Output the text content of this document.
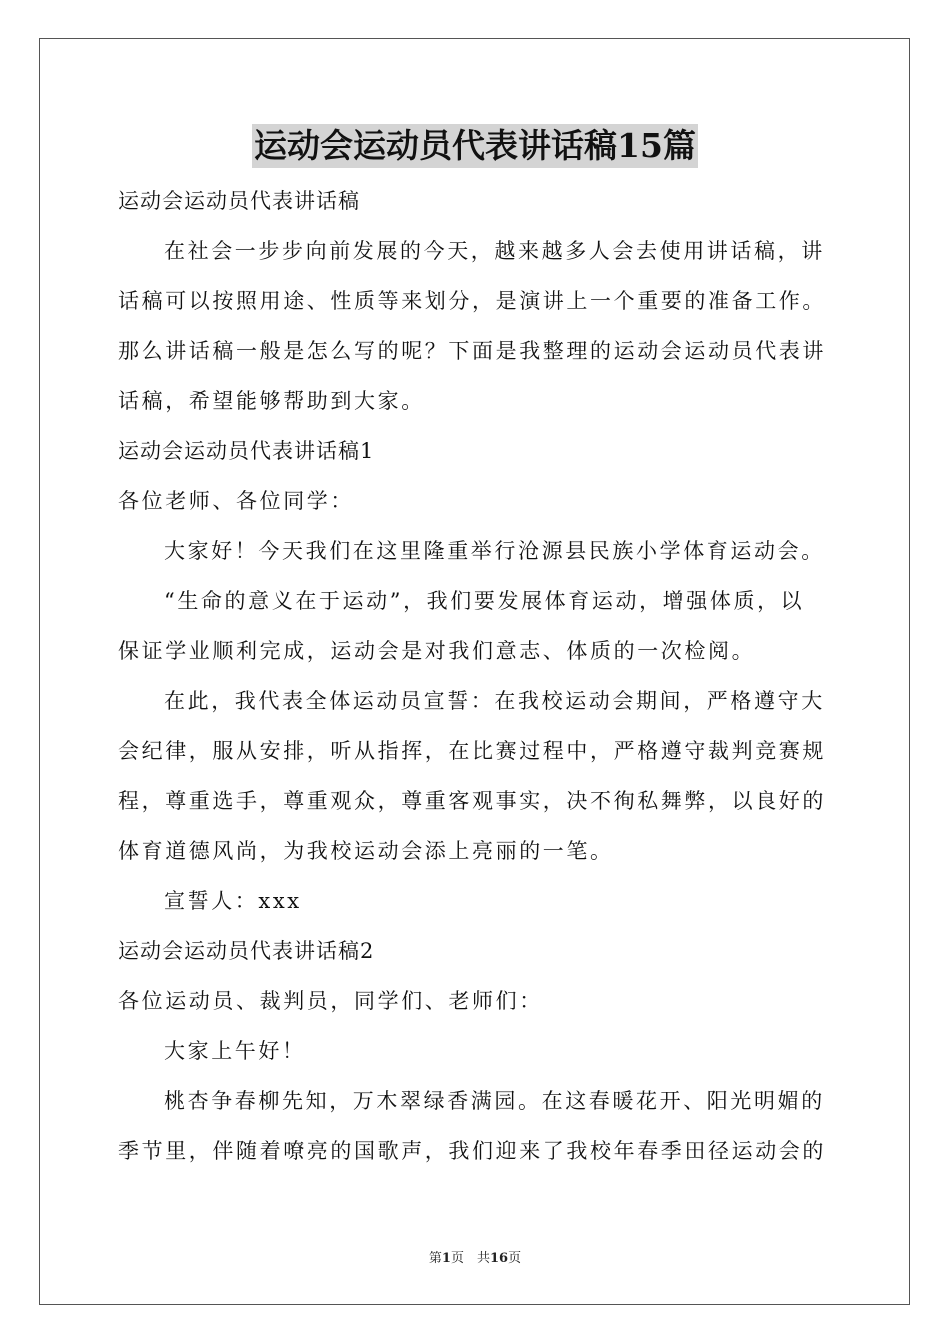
运动会运动员代表讲话稿15篇
运动会运动员代表讲话稿
在社会一步步向前发展的今天，越来越多人会去使用讲话稿，讲
话稿可以按照用途、性质等来划分，是演讲上一个重要的准备工作。
那么讲话稿一般是怎么写的呢？下面是我整理的运动会运动员代表讲
话稿，希望能够帮助到大家。
运动会运动员代表讲话稿1
各位老师、各位同学：
大家好！今天我们在这里隆重举行沧源县民族小学体育运动会。
“生命的意义在于运动”，我们要发展体育运动，增强体质，以
保证学业顺利完成，运动会是对我们意志、体质的一次检阅。
在此，我代表全体运动员宣誓：在我校运动会期间，严格遵守大
会纪律，服从安排，听从指挥，在比赛过程中，严格遵守裁判竞赛规
程，尊重选手，尊重观众，尊重客观事实，决不徇私舞弊，以良好的
体育道德风尚，为我校运动会添上亮丽的一笔。
宣誓人：xxx
运动会运动员代表讲话稿2
各位运动员、裁判员，同学们、老师们：
大家上午好！
桃杏争春柳先知，万木翠绿香满园。在这春暖花开、阳光明媚的
季节里，伴随着嘹亮的国歌声，我们迎来了我校年春季田径运动会的
第1页　共16页
